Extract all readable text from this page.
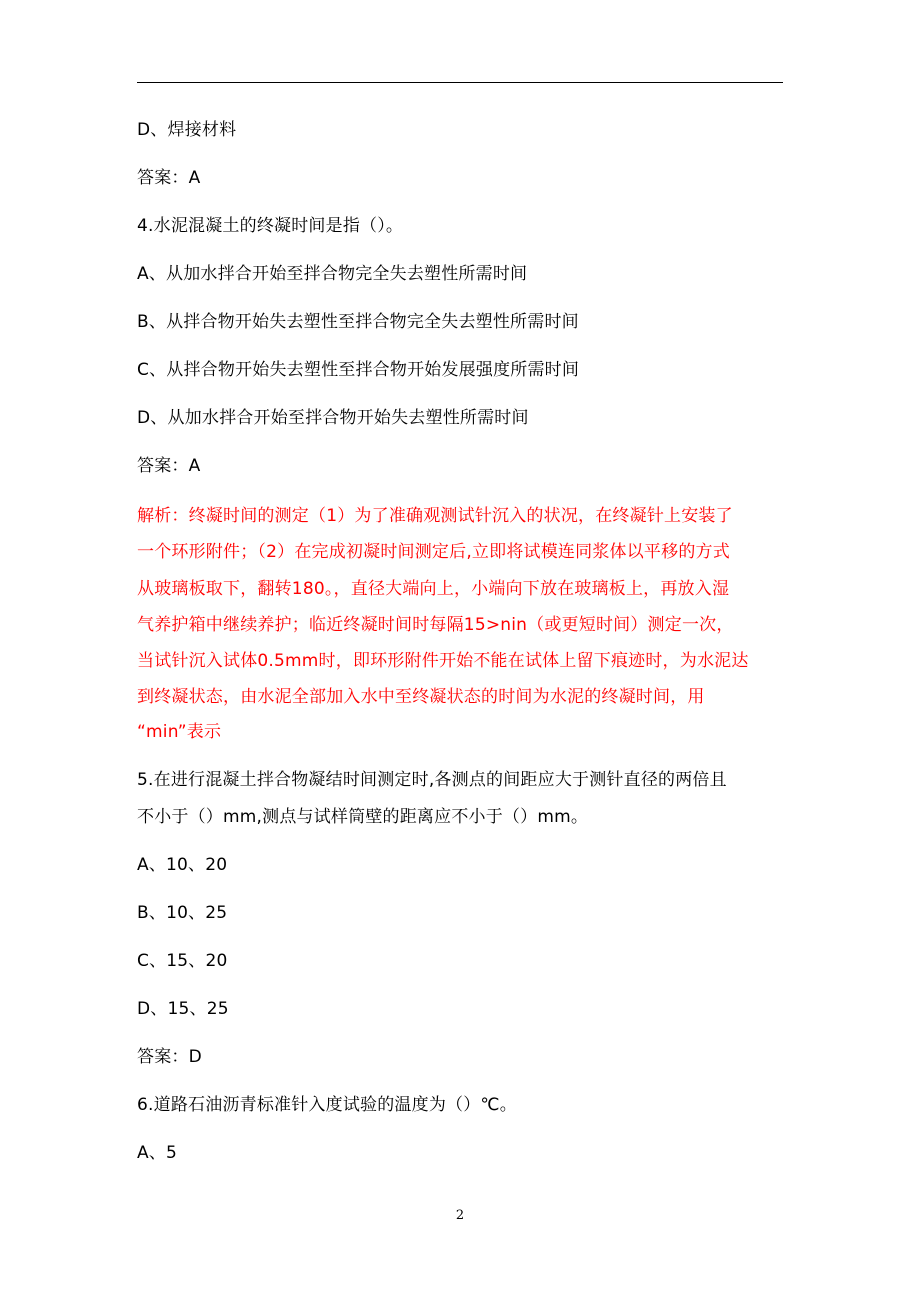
D、焊接材料
答案：A
4.水泥混凝土的终凝时间是指（）。
A、从加水拌合开始至拌合物完全失去塑性所需时间
B、从拌合物开始失去塑性至拌合物完全失去塑性所需时间
C、从拌合物开始失去塑性至拌合物开始发展强度所需时间
D、从加水拌合开始至拌合物开始失去塑性所需时间
答案：A
解析：终凝时间的测定（1）为了准确观测试针沉入的状况，在终凝针上安装了
一个环形附件；（2）在完成初凝时间测定后,立即将试模连同浆体以平移的方式
从玻璃板取下，翻转180。，直径大端向上，小端向下放在玻璃板上，再放入湿
气养护箱中继续养护；临近终凝时间时每隔15>nin（或更短时间）测定一次，
当试针沉入试体0.5mm时，即环形附件开始不能在试体上留下痕迹时，为水泥达
到终凝状态，由水泥全部加入水中至终凝状态的时间为水泥的终凝时间，用
“min”表示
5.在进行混凝土拌合物凝结时间测定时,各测点的间距应大于测针直径的两倍且
不小于（）mm,测点与试样筒壁的距离应不小于（）mm。
A、10、20
B、10、25
C、15、20
D、15、25
答案：D
6.道路石油沥青标准针入度试验的温度为（）℃。
A、5
2
